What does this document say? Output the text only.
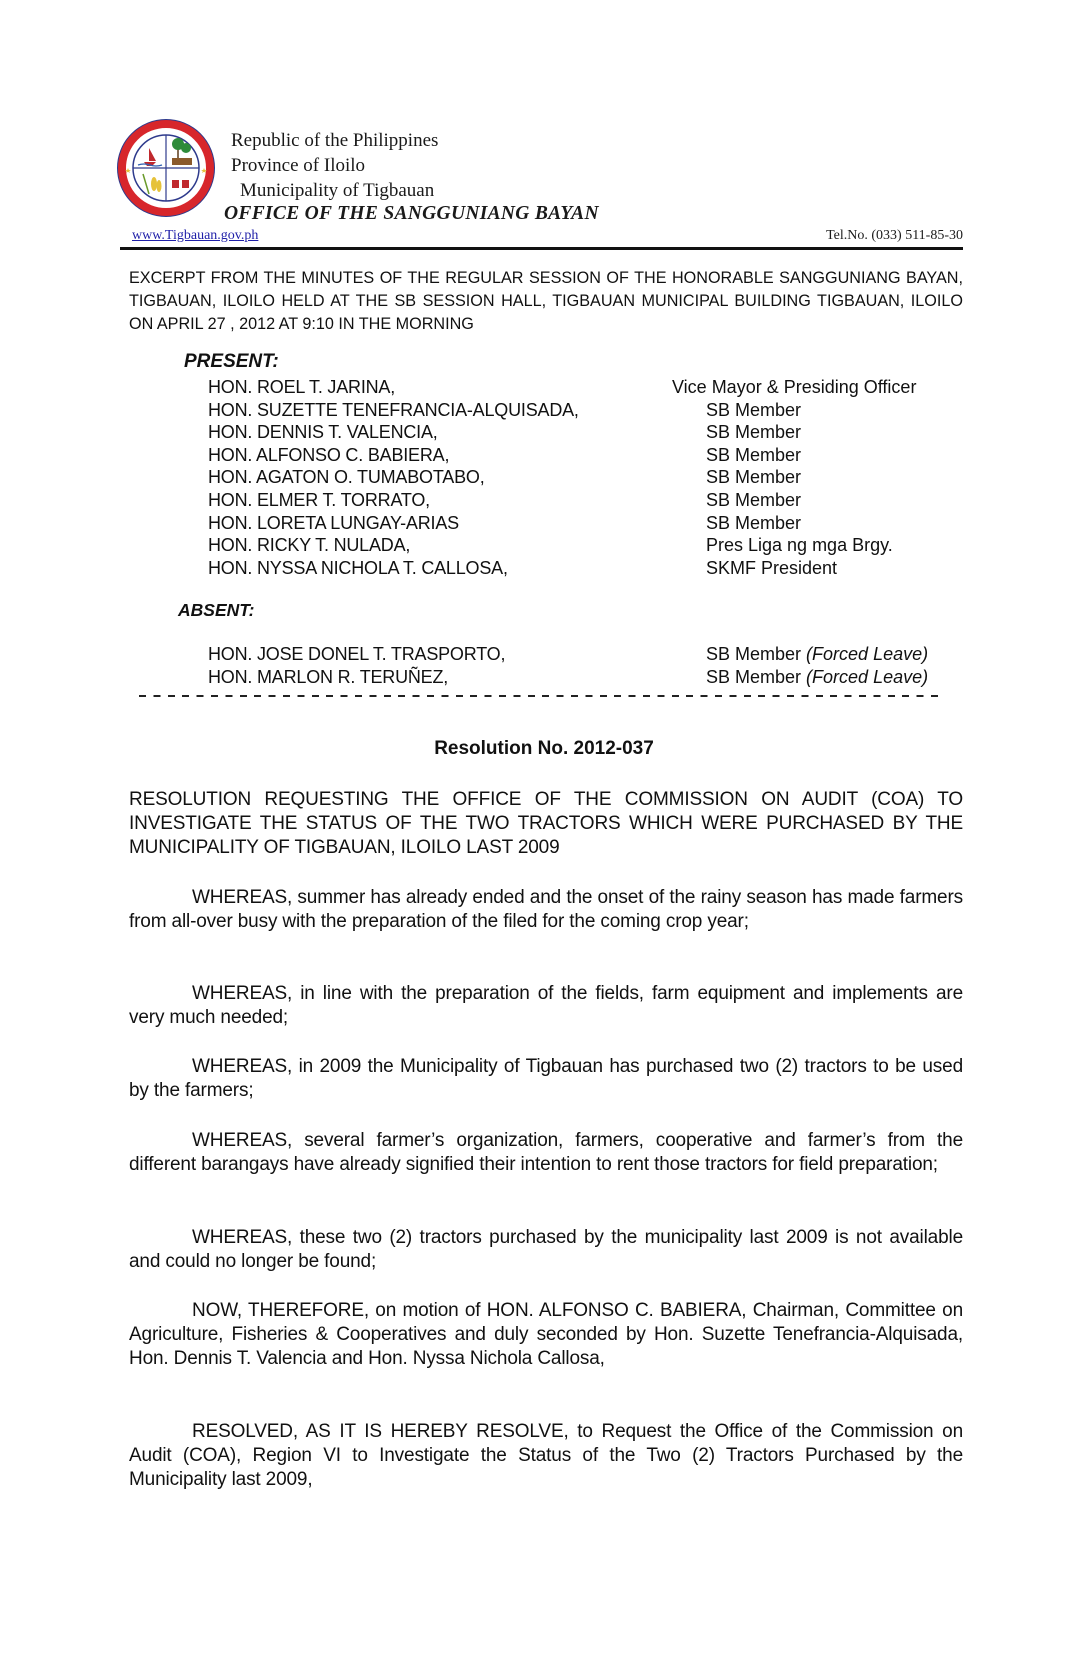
Republic of the Philippines
Province of Iloilo
Municipality of Tigbauan
OFFICE OF THE SANGGUNIANG BAYAN
www.Tigbauan.gov.ph	Tel.No. (033) 511-85-30
EXCERPT FROM THE MINUTES OF THE REGULAR SESSION OF THE HONORABLE SANGGUNIANG BAYAN, TIGBAUAN, ILOILO HELD AT THE SB SESSION HALL, TIGBAUAN MUNICIPAL BUILDING TIGBAUAN, ILOILO ON APRIL 27 , 2012 AT 9:10 IN THE MORNING
PRESENT:
HON. ROEL T. JARINA,	Vice Mayor & Presiding Officer
HON. SUZETTE TENEFRANCIA-ALQUISADA,	SB Member
HON. DENNIS T. VALENCIA,	SB Member
HON. ALFONSO C. BABIERA,	SB Member
HON. AGATON O. TUMABOTABO,	SB Member
HON. ELMER T. TORRATO,	SB Member
HON. LORETA LUNGAY-ARIAS	SB Member
HON. RICKY T. NULADA,	Pres Liga ng mga Brgy.
HON. NYSSA NICHOLA T. CALLOSA,	SKMF President
ABSENT:
HON. JOSE DONEL T. TRASPORTO,	SB Member (Forced Leave)
HON. MARLON R. TERUÑEZ,	SB Member (Forced Leave)
Resolution No. 2012-037
RESOLUTION REQUESTING THE OFFICE OF THE COMMISSION ON AUDIT (COA) TO INVESTIGATE THE STATUS OF THE TWO TRACTORS WHICH WERE PURCHASED BY THE MUNICIPALITY OF TIGBAUAN, ILOILO LAST 2009
WHEREAS, summer has already ended and the onset of the rainy season has made farmers from all-over busy with the preparation of the filed for the coming crop year;
WHEREAS, in line with the preparation of the fields, farm equipment and implements are very much needed;
WHEREAS, in 2009 the Municipality of Tigbauan has purchased two (2) tractors to be used by the farmers;
WHEREAS, several farmer’s organization, farmers, cooperative and farmer’s from the different barangays have already signified their intention to rent those tractors for field preparation;
WHEREAS, these two (2) tractors purchased by the municipality last 2009 is not available and could no longer be found;
NOW, THEREFORE, on motion of HON. ALFONSO C. BABIERA, Chairman, Committee on Agriculture, Fisheries & Cooperatives and duly seconded by Hon. Suzette Tenefrancia-Alquisada, Hon. Dennis T. Valencia and Hon. Nyssa Nichola Callosa,
RESOLVED, AS IT IS HEREBY RESOLVE, to Request the Office of the Commission on Audit (COA), Region VI to Investigate the Status of the Two (2) Tractors Purchased by the Municipality last 2009,
